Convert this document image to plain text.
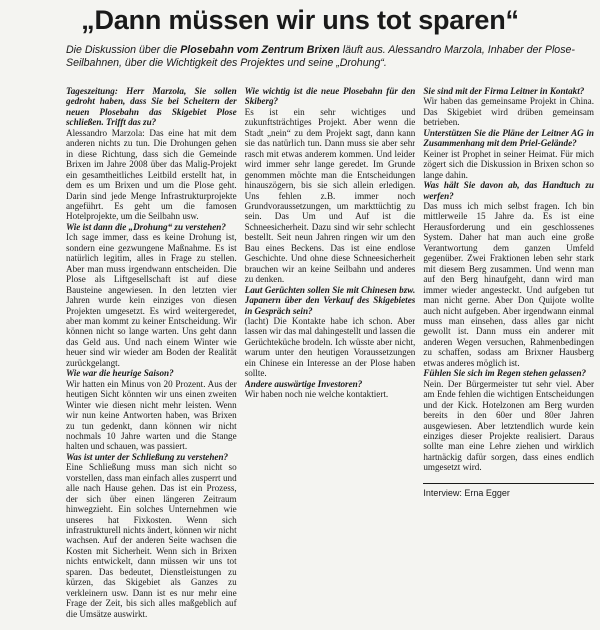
„Dann müssen wir uns tot sparen“

Die Diskussion über die Plosebahn vom Zentrum Brixen läuft aus. Alessandro Marzola, Inhaber der Plose-Seilbahnen, über die Wichtigkeit des Projektes und seine „Drohung“.

Tageszeitung: Herr Marzola, Sie sollen gedroht haben, dass Sie bei Scheitern der neuen Plosebahn das Skigebiet Plose schließen. Trifft das zu?

Alessandro Marzola: Das eine hat mit dem anderen nichts zu tun. Die Drohungen gehen in diese Richtung, dass sich die Gemeinde Brixen im Jahre 2008 über das Malig-Projekt ein gesamtheitliches Leitbild erstellt hat, in dem es um Brixen und um die Plose geht. Darin sind jede Menge Infrastrukturprojekte angeführt. Es geht um die famosen Hotelprojekte, um die Seilbahn usw.

Wie ist dann die „Drohung“ zu verstehen?

Ich sage immer, dass es keine Drohung ist, sondern eine gezwungene Maßnahme. Es ist natürlich legitim, alles in Frage zu stellen. Aber man muss irgendwann entscheiden. Die Plose als Liftgesellschaft ist auf diese Bausteine angewiesen. In den letzten vier Jahren wurde kein einziges von diesen Projekten umgesetzt. Es wird weitergeredet, aber man kommt zu keiner Entscheidung. Wir können nicht so lange warten. Uns geht dann das Geld aus. Und nach einem Winter wie heuer sind wir wieder am Boden der Realität zurückgelangt.

Wie war die heurige Saison?

Wir hatten ein Minus von 20 Prozent. Aus der heutigen Sicht könnten wir uns einen zweiten Winter wie diesen nicht mehr leisten. Wenn wir nun keine Antworten haben, was Brixen zu tun gedenkt, dann können wir nicht nochmals 10 Jahre warten und die Stange halten und schauen, was passiert.

Was ist unter der Schließung zu verstehen?

Eine Schließung muss man sich nicht so vorstellen, dass man einfach alles zusperrt und alle nach Hause gehen. Das ist ein Prozess, der sich über einen längeren Zeitraum hinwegzieht. Ein solches Unternehmen wie unseres hat Fixkosten. Wenn sich infrastrukturell nichts ändert, können wir nicht wachsen. Auf der anderen Seite wachsen die Kosten mit Sicherheit. Wenn sich in Brixen nichts entwickelt, dann müssen wir uns tot sparen. Das bedeutet, Dienstleistungen zu kürzen, das Skigebiet als Ganzes zu verkleinern usw. Dann ist es nur mehr eine Frage der Zeit, bis sich alles maßgeblich auf die Umsätze auswirkt.

Wie wichtig ist die neue Plosebahn für den Skiberg?

Es ist ein sehr wichtiges und zukunftsträchtiges Projekt. Aber wenn die Stadt „nein“ zu dem Projekt sagt, dann kann sie das natürlich tun. Dann muss sie aber sehr rasch mit etwas anderem kommen. Und leider wird immer sehr lange geredet. Im Grunde genommen möchte man die Entscheidungen hinauszögern, bis sie sich allein erledigen. Uns fehlen z.B. immer noch Grundvoraussetzungen, um markttüchtig zu sein. Das Um und Auf ist die Schneesicherheit. Dazu sind wir sehr schlecht bestellt. Seit neun Jahren ringen wir um den Bau eines Beckens. Das ist eine endlose Geschichte. Und ohne diese Schneesicherheit brauchen wir an keine Seilbahn und anderes zu denken.

Laut Gerüchten sollen Sie mit Chinesen bzw. Japanern über den Verkauf des Skigebietes in Gespräch sein?

(lacht) Die Kontakte habe ich schon. Aber lassen wir das mal dahingestellt und lassen die Gerüchteküche brodeln. Ich wüsste aber nicht, warum unter den heutigen Voraussetzungen ein Chinese ein Interesse an der Plose haben sollte.

Andere auswärtige Investoren?

Wir haben noch nie welche kontaktiert.

Sie sind mit der Firma Leitner in Kontakt?

Wir haben das gemeinsame Projekt in China. Das Skigebiet wird drüben gemeinsam betrieben.

Unterstützen Sie die Pläne der Leitner AG in Zusammenhang mit dem Priel-Gelände?

Keiner ist Prophet in seiner Heimat. Für mich zögert sich die Diskussion in Brixen schon so lange dahin.

Was hält Sie davon ab, das Handtuch zu werfen?

Das muss ich mich selbst fragen. Ich bin mittlerweile 15 Jahre da. Es ist eine Herausforderung und ein geschlossenes System. Daher hat man auch eine große Verantwortung dem ganzen Umfeld gegenüber. Zwei Fraktionen leben sehr stark mit diesem Berg zusammen. Und wenn man auf den Berg hinaufgeht, dann wird man immer wieder angesteckt. Und aufgeben tut man nicht gerne. Aber Don Quijote wollte auch nicht aufgeben. Aber irgendwann einmal muss man einsehen, dass alles gar nicht gewollt ist. Dann muss ein anderer mit anderen Wegen versuchen, Rahmenbedingen zu schaffen, sodass am Brixner Hausberg etwas anderes möglich ist.

Fühlen Sie sich im Regen stehen gelassen?

Nein. Der Bürgermeister tut sehr viel. Aber am Ende fehlen die wichtigen Entscheidungen und der Kick. Hotelzonen am Berg wurden bereits in den 60er und 80er Jahren ausgewiesen. Aber letztendlich wurde kein einziges dieser Projekte realisiert. Daraus sollte man eine Lehre ziehen und wirklich hartnäckig dafür sorgen, dass eines endlich umgesetzt wird.

Interview: Erna Egger
